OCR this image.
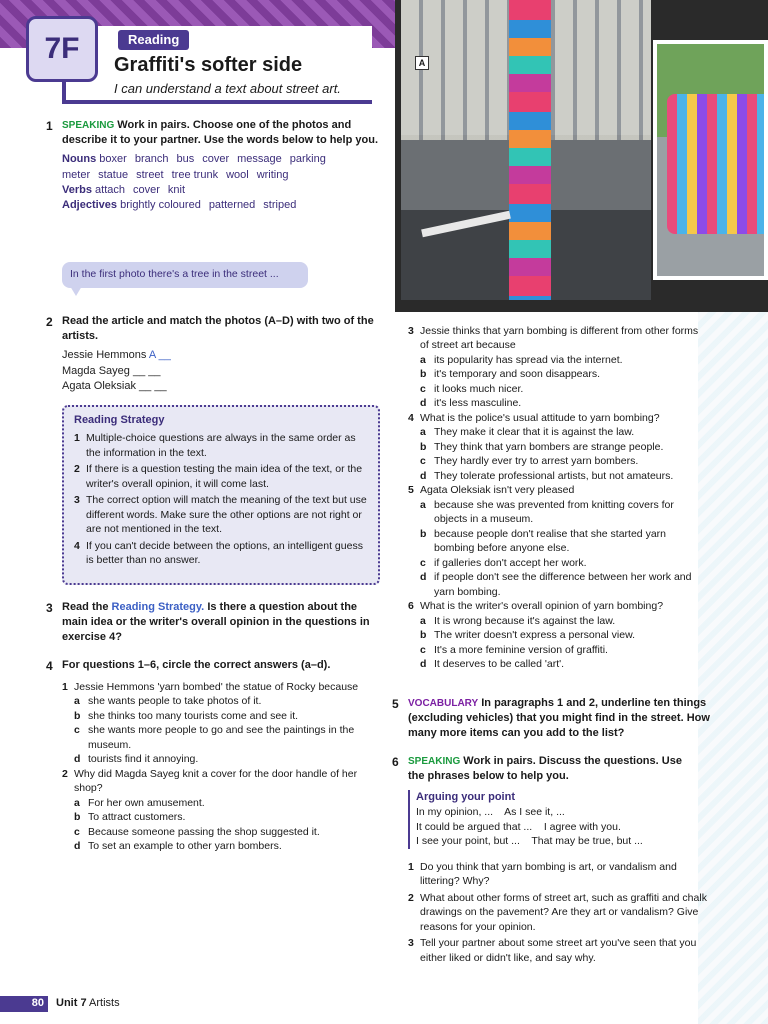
Reading
Graffiti's softer side
I can understand a text about street art.
7F	A
1 SPEAKING Work in pairs. Choose one of the photos and describe it to your partner. Use the words below to help you.
Nouns boxer branch bus cover message parking meter statue street tree trunk wool writing
Verbs attach cover knit
Adjectives brightly coloured patterned striped
In the first photo there's a tree in the street ...
2 Read the article and match the photos (A–D) with two of the artists.
Jessie Hemmons A __
Magda Sayeg __ __
Agata Oleksiak __ __
Reading Strategy
1 Multiple-choice questions are always in the same order as the information in the text.
2 If there is a question testing the main idea of the text, or the writer's overall opinion, it will come last.
3 The correct option will match the meaning of the text but use different words. Make sure the other options are not right or are not mentioned in the text.
4 If you can't decide between the options, an intelligent guess is better than no answer.
3 Read the Reading Strategy. Is there a question about the main idea or the writer's overall opinion in the questions in exercise 4?
4 For questions 1–6, circle the correct answers (a–d).
1 Jessie Hemmons 'yarn bombed' the statue of Rocky because
a she wants people to take photos of it.
b she thinks too many tourists come and see it.
c she wants more people to go and see the paintings in the museum.
d tourists find it annoying.
2 Why did Magda Sayeg knit a cover for the door handle of her shop?
a For her own amusement.
b To attract customers.
c Because someone passing the shop suggested it.
d To set an example to other yarn bombers.
3 Jessie thinks that yarn bombing is different from other forms of street art because
a its popularity has spread via the internet.
b it's temporary and soon disappears.
c it looks much nicer.
d it's less masculine.
4 What is the police's usual attitude to yarn bombing?
a They make it clear that it is against the law.
b They think that yarn bombers are strange people.
c They hardly ever try to arrest yarn bombers.
d They tolerate professional artists, but not amateurs.
5 Agata Oleksiak isn't very pleased
a because she was prevented from knitting covers for objects in a museum.
b because people don't realise that she started yarn bombing before anyone else.
c if galleries don't accept her work.
d if people don't see the difference between her work and yarn bombing.
6 What is the writer's overall opinion of yarn bombing?
a It is wrong because it's against the law.
b The writer doesn't express a personal view.
c It's a more feminine version of graffiti.
d It deserves to be called 'art'.
5 VOCABULARY In paragraphs 1 and 2, underline ten things (excluding vehicles) that you might find in the street. How many more items can you add to the list?
6 SPEAKING Work in pairs. Discuss the questions. Use the phrases below to help you.
Arguing your point
In my opinion, ...    As I see it, ...
It could be argued that ...    I agree with you.
I see your point, but ...    That may be true, but ...
1 Do you think that yarn bombing is art, or vandalism and littering? Why?
2 What about other forms of street art, such as graffiti and chalk drawings on the pavement? Are they art or vandalism? Give reasons for your opinion.
3 Tell your partner about some street art you've seen that you either liked or didn't like, and say why.
80	Unit 7 Artists
